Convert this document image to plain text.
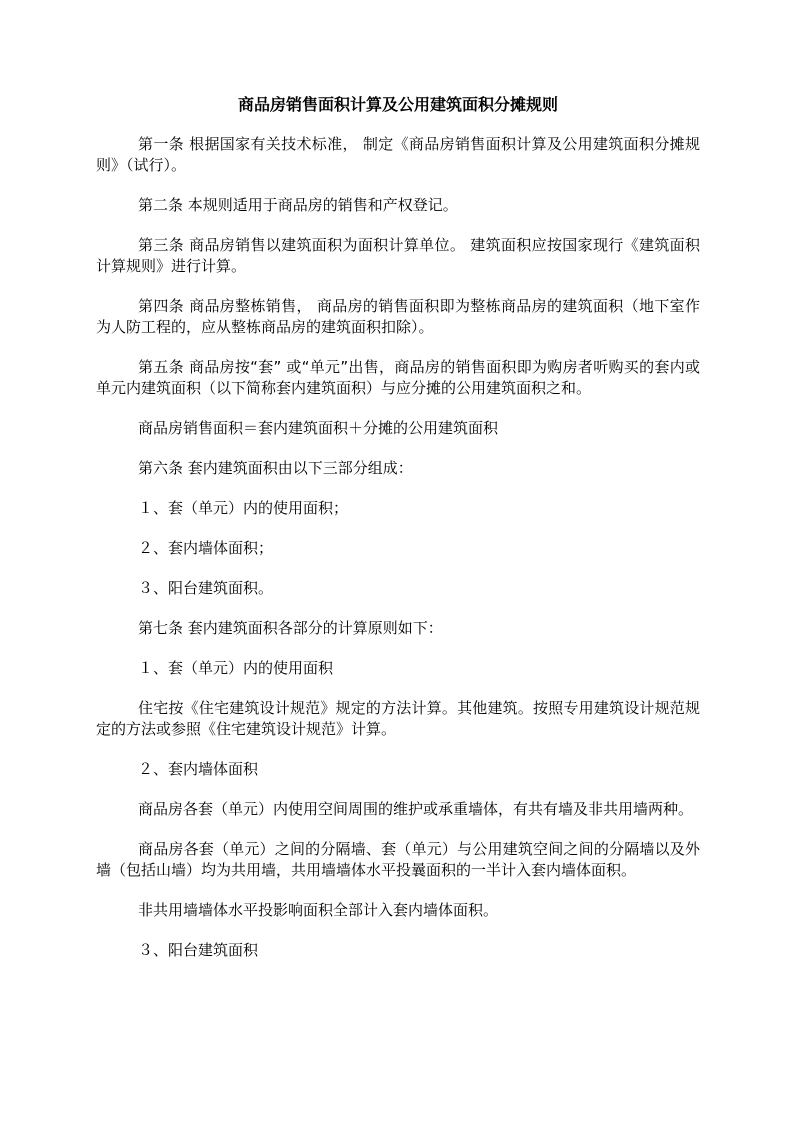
商品房销售面积计算及公用建筑面积分摊规则

第一条 根据国家有关技术标准， 制定《商品房销售面积计算及公用建筑面积分摊规则》（试行）。

第二条 本规则适用于商品房的销售和产权登记。

第三条 商品房销售以建筑面积为面积计算单位。 建筑面积应按国家现行《建筑面积计算规则》进行计算。

第四条 商品房整栋销售， 商品房的销售面积即为整栋商品房的建筑面积（地下室作为人防工程的，应从整栋商品房的建筑面积扣除）。

第五条 商品房按“套” 或“单元”出售，商品房的销售面积即为购房者听购买的套内或单元内建筑面积（以下简称套内建筑面积）与应分摊的公用建筑面积之和。

商品房销售面积＝套内建筑面积＋分摊的公用建筑面积

第六条 套内建筑面积由以下三部分组成：

１、套（单元）内的使用面积；

２、套内墙体面积；

３、阳台建筑面积。

第七条 套内建筑面积各部分的计算原则如下：

１、套（单元）内的使用面积

住宅按《住宅建筑设计规范》规定的方法计算。其他建筑。按照专用建筑设计规范规定的方法或参照《住宅建筑设计规范》计算。

２、套内墙体面积

商品房各套（单元）内使用空间周围的维护或承重墙体，有共有墙及非共用墙两种。

商品房各套（单元）之间的分隔墙、套（单元）与公用建筑空间之间的分隔墙以及外墙（包括山墙）均为共用墙，共用墙墙体水平投曩面积的一半计入套内墙体面积。

非共用墙墙体水平投影响面积全部计入套内墙体面积。

３、阳台建筑面积
